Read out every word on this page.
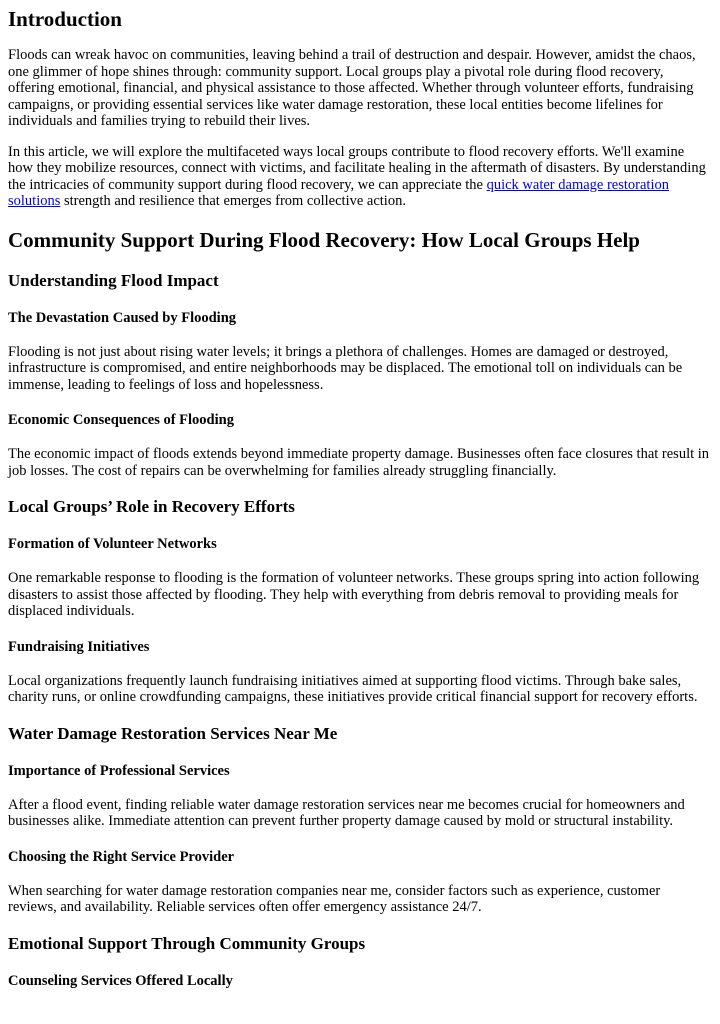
Introduction

Floods can wreak havoc on communities, leaving behind a trail of destruction and despair. However, amidst the chaos, one glimmer of hope shines through: community support. Local groups play a pivotal role during flood recovery, offering emotional, financial, and physical assistance to those affected. Whether through volunteer efforts, fundraising campaigns, or providing essential services like water damage restoration, these local entities become lifelines for individuals and families trying to rebuild their lives.

In this article, we will explore the multifaceted ways local groups contribute to flood recovery efforts. We'll examine how they mobilize resources, connect with victims, and facilitate healing in the aftermath of disasters. By understanding the intricacies of community support during flood recovery, we can appreciate the quick water damage restoration solutions strength and resilience that emerges from collective action.

Community Support During Flood Recovery: How Local Groups Help
Understanding Flood Impact
The Devastation Caused by Flooding

Flooding is not just about rising water levels; it brings a plethora of challenges. Homes are damaged or destroyed, infrastructure is compromised, and entire neighborhoods may be displaced. The emotional toll on individuals can be immense, leading to feelings of loss and hopelessness.

Economic Consequences of Flooding

The economic impact of floods extends beyond immediate property damage. Businesses often face closures that result in job losses. The cost of repairs can be overwhelming for families already struggling financially.

Local Groups’ Role in Recovery Efforts
Formation of Volunteer Networks

One remarkable response to flooding is the formation of volunteer networks. These groups spring into action following disasters to assist those affected by flooding. They help with everything from debris removal to providing meals for displaced individuals.

Fundraising Initiatives

Local organizations frequently launch fundraising initiatives aimed at supporting flood victims. Through bake sales, charity runs, or online crowdfunding campaigns, these initiatives provide critical financial support for recovery efforts.

Water Damage Restoration Services Near Me
Importance of Professional Services

After a flood event, finding reliable water damage restoration services near me becomes crucial for homeowners and businesses alike. Immediate attention can prevent further property damage caused by mold or structural instability.

Choosing the Right Service Provider

When searching for water damage restoration companies near me, consider factors such as experience, customer reviews, and availability. Reliable services often offer emergency assistance 24/7.

Emotional Support Through Community Groups
Counseling Services Offered Locally
